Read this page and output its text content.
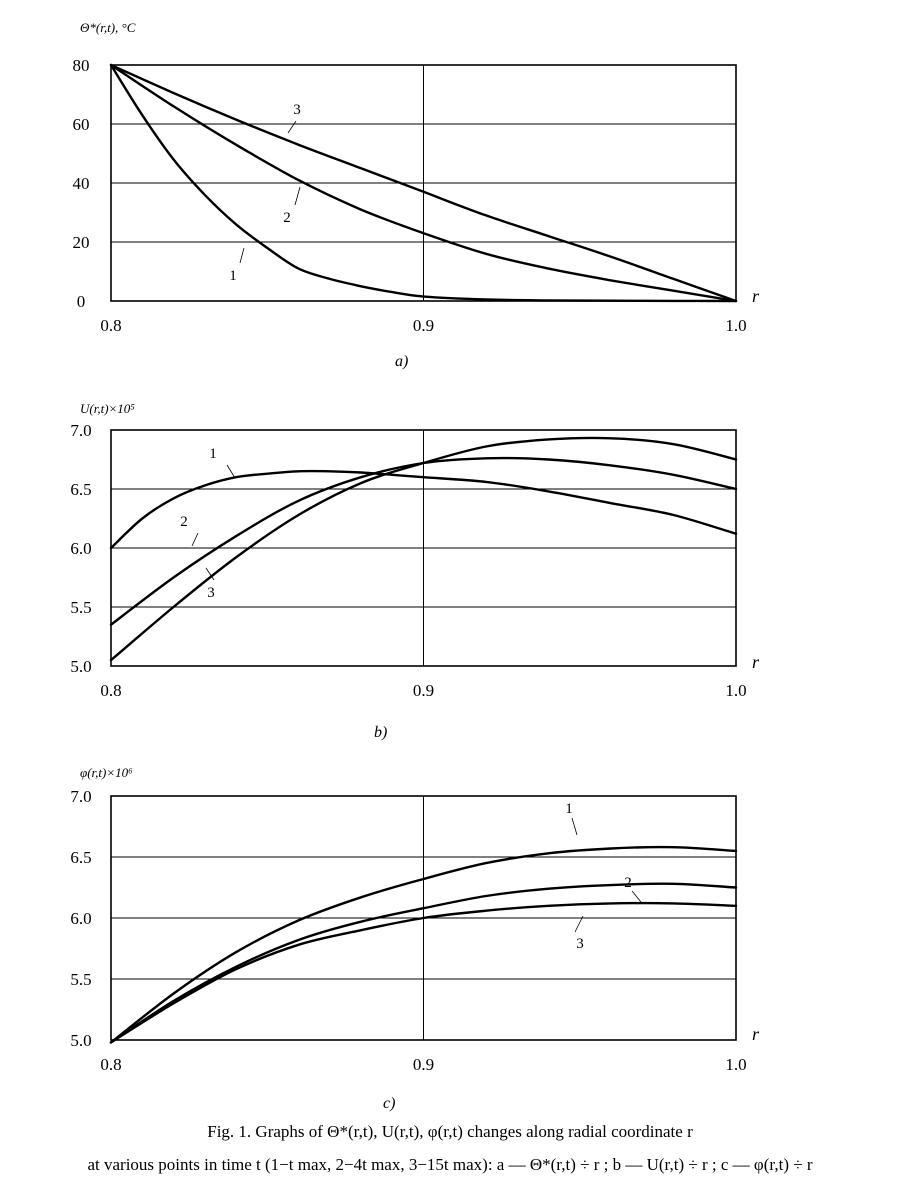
0
20
40
60
80
0.8	0.9	1.0
Θ*(r,t), °C
r
a)
1
2
3
5.0
5.5
6.0
6.5
7.0
0.8	0.9	1.0
U(r,t)×10⁵
r
b)
1
2
3
5.0
5.5
6.0
6.5
7.0
0.8	0.9	1.0
φ(r,t)×10⁶
r
c)
1
2
3
Fig. 1. Graphs of Θ*(r,t), U(r,t), φ(r,t) changes along radial coordinate r
at various points in time t (1−t max, 2−4t max, 3−15t max): a — Θ*(r,t) ÷ r ; b — U(r,t) ÷ r ; c — φ(r,t) ÷ r
